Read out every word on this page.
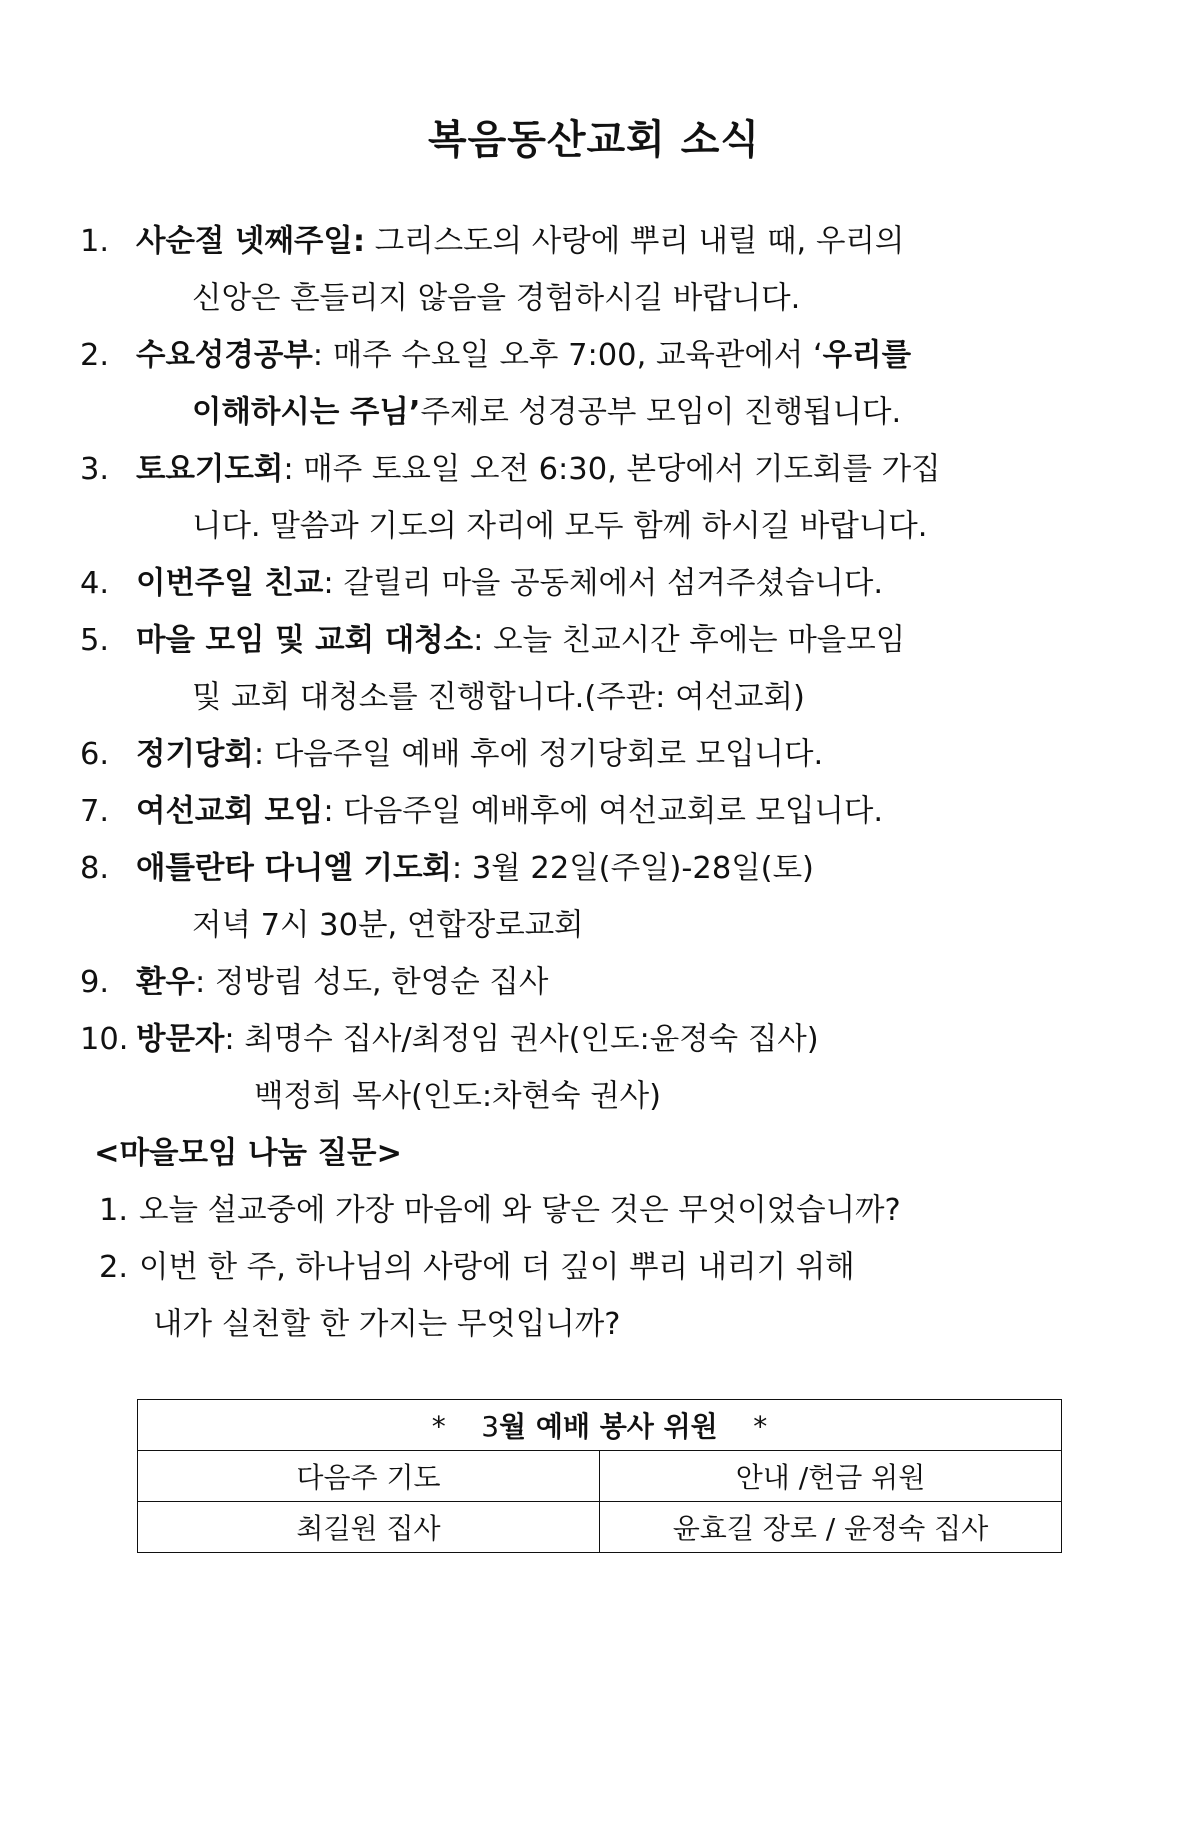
복음동산교회 소식
1. 사순절 넷째주일: 그리스도의 사랑에 뿌리 내릴 때, 우리의
신앙은 흔들리지 않음을 경험하시길 바랍니다.
2. 수요성경공부: 매주 수요일 오후 7:00, 교육관에서 ‘우리를
이해하시는 주님’ 주제로 성경공부 모임이 진행됩니다.
3. 토요기도회: 매주 토요일 오전 6:30, 본당에서 기도회를 가집
니다. 말씀과 기도의 자리에 모두 함께 하시길 바랍니다.
4. 이번주일 친교: 갈릴리 마을 공동체에서 섬겨주셨습니다.
5. 마을 모임 및 교회 대청소: 오늘 친교시간 후에는 마을모임
및 교회 대청소를 진행합니다.(주관: 여선교회)
6. 정기당회: 다음주일 예배 후에 정기당회로 모입니다.
7. 여선교회 모임: 다음주일 예배후에 여선교회로 모입니다.
8. 애틀란타 다니엘 기도회: 3월 22일(주일)-28일(토)
저녁 7시 30분, 연합장로교회
9. 환우: 정방림 성도, 한영순 집사
10. 방문자: 최명수 집사/최정임 권사(인도:윤정숙 집사)
백정희 목사(인도:차현숙 권사)
<마을모임 나눔 질문>
1. 오늘 설교중에 가장 마음에 와 닿은 것은 무엇이었습니까?
2. 이번 한 주, 하나님의 사랑에 더 깊이 뿌리 내리기 위해
내가 실천할 한 가지는 무엇입니까?
*    3월 예배 봉사 위원    *	
다음주 기도	안내 /헌금 위원
최길원 집사	윤효길 장로 / 윤정숙 집사
